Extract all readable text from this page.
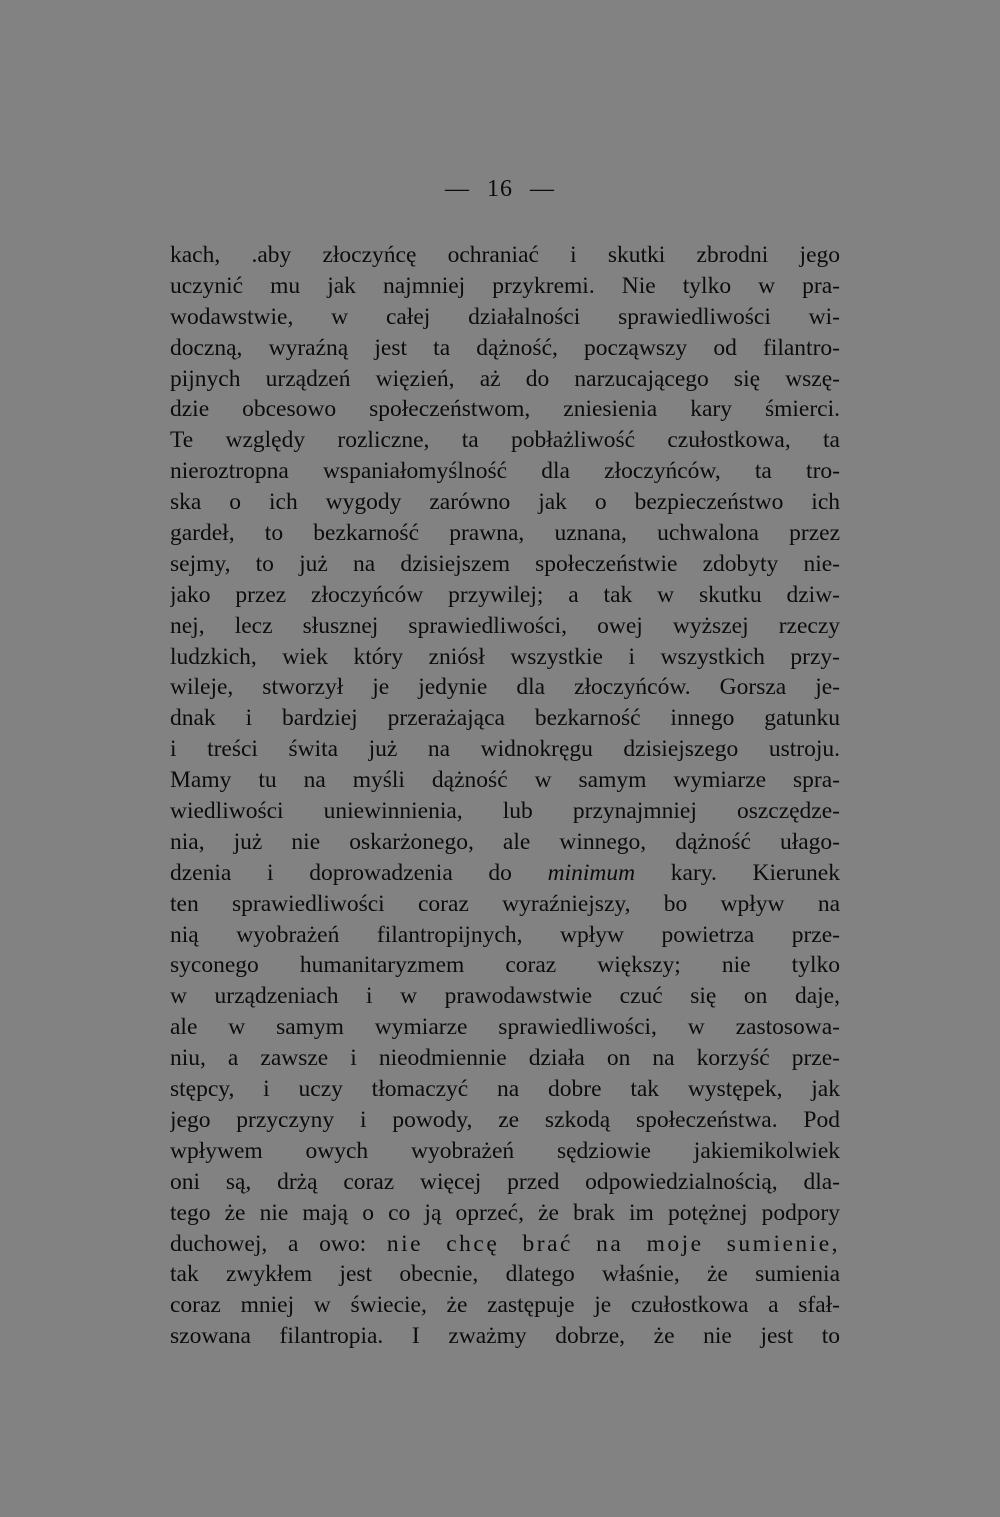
— 16 —
kach, .aby złoczyńcę ochraniać i skutki zbrodni jego
uczynić mu jak najmniej przykremi. Nie tylko w pra-
wodawstwie, w całej działalności sprawiedliwości wi-
doczną, wyraźną jest ta dążność, począwszy od filantro-
pijnych urządzeń więzień, aż do narzucającego się wszę-
dzie obcesowo społeczeństwom, zniesienia kary śmierci.
Te względy rozliczne, ta pobłażliwość czułostkowa, ta
nieroztropna wspaniałomyślność dla złoczyńców, ta tro-
ska o ich wygody zarówno jak o bezpieczeństwo ich
gardeł, to bezkarność prawna, uznana, uchwalona przez
sejmy, to już na dzisiejszem społeczeństwie zdobyty nie-
jako przez złoczyńców przywilej; a tak w skutku dziw-
nej, lecz słusznej sprawiedliwości, owej wyższej rzeczy
ludzkich, wiek który zniósł wszystkie i wszystkich przy-
wileje, stworzył je jedynie dla złoczyńców. Gorsza je-
dnak i bardziej przerażająca bezkarność innego gatunku
i treści świta już na widnokręgu dzisiejszego ustroju.
Mamy tu na myśli dążność w samym wymiarze spra-
wiedliwości uniewinnienia, lub przynajmniej oszczędze-
nia, już nie oskarżonego, ale winnego, dążność ułago-
dzenia i doprowadzenia do minimum kary. Kierunek
ten sprawiedliwości coraz wyraźniejszy, bo wpływ na
nią wyobrażeń filantropijnych, wpływ powietrza prze-
syconego humanitaryzmem coraz większy; nie tylko
w urządzeniach i w prawodawstwie czuć się on daje,
ale w samym wymiarze sprawiedliwości, w zastosowa-
niu, a zawsze i nieodmiennie działa on na korzyść prze-
stępcy, i uczy tłomaczyć na dobre tak występek, jak
jego przyczyny i powody, ze szkodą społeczeństwa. Pod
wpływem owych wyobrażeń sędziowie jakiemikolwiek
oni są, drżą coraz więcej przed odpowiedzialnością, dla-
tego że nie mają o co ją oprzeć, że brak im potężnej podpory
duchowej, a owo: nie chcę brać na moje sumienie,
tak zwykłem jest obecnie, dlatego właśnie, że sumienia
coraz mniej w świecie, że zastępuje je czułostkowa a sfał-
szowana filantropia. I zważmy dobrze, że nie jest to
